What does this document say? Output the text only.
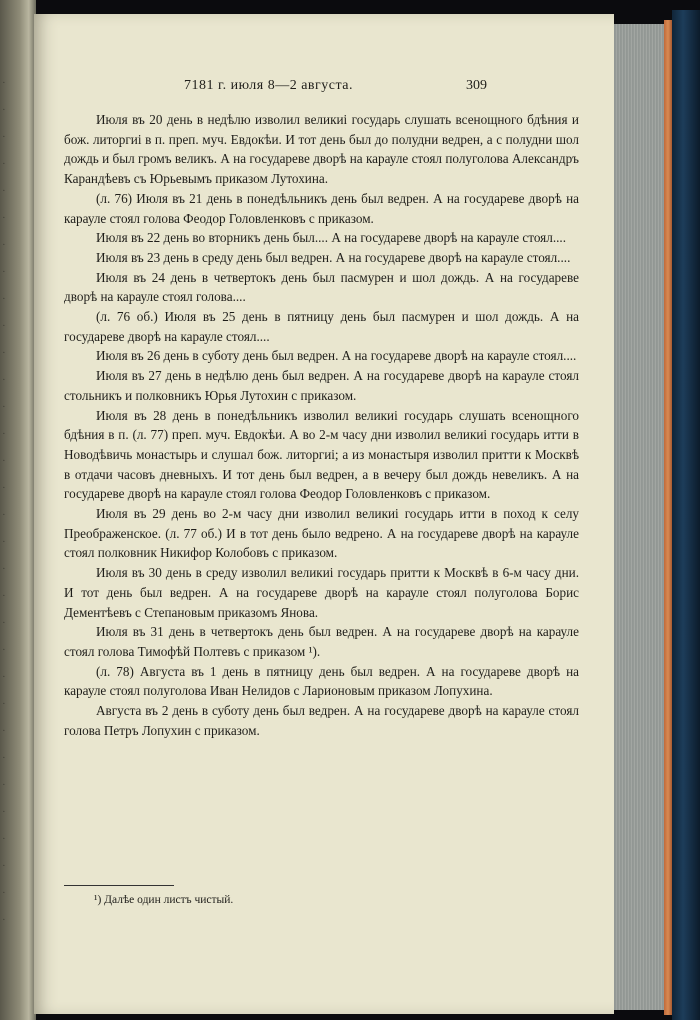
·
·
·
·
·
·
·
·
·
·
·
·
·
·
·
·
·
·
·
·
·
·
·
·
·
·
·
·
·
·
·
·
7181 г. июля 8—2 августа.	309

Июля въ 20 день в недѣлю изволил великиі государь слушать всенощного бдѣния и бож. литоргиі в п. преп. муч. Евдокѣи. И тот день был до полудни ведрен, а с полудни шол дождь и был громъ великъ. А на государеве дворѣ на карауле стоял полуголова Александръ Карандѣевъ съ Юрьевымъ приказом Лутохина.

(л. 76) Июля въ 21 день в понедѣльникъ день был ведрен. А на государеве дворѣ на карауле стоял голова Феодор Головленковъ с приказом.

Июля въ 22 день во вторникъ день был.... А на государеве дворѣ на карауле стоял....

Июля въ 23 день в среду день был ведрен. А на государеве дворѣ на карауле стоял....

Июля въ 24 день в четвертокъ день был пасмурен и шол дождь. А на государеве дворѣ на карауле стоял голова....

(л. 76 об.) Июля въ 25 день в пятницу день был пасмурен и шол дождь. А на государеве дворѣ на карауле стоял....

Июля въ 26 день в суботу день был ведрен. А на государеве дворѣ на карауле стоял....

Июля въ 27 день в недѣлю день был ведрен. А на государеве дворѣ на карауле стоял стольникъ и полковникъ Юрья Лутохин с приказом.

Июля въ 28 день в понедѣльникъ изволил великиі государь слушать всенощного бдѣния в п. (л. 77) преп. муч. Евдокѣи. А во 2-м часу дни изволил великиі государь итти в Новодѣвичь монастырь и слушал бож. литоргиі; а из монастыря изволил притти к Москвѣ в отдачи часовъ дневныхъ. И тот день был ведрен, а в вечеру был дождь невеликъ. А на государеве дворѣ на карауле стоял голова Феодор Головленковъ с приказом.

Июля въ 29 день во 2-м часу дни изволил великиі государь итти в поход к селу Преображенское. (л. 77 об.) И в тот день было ведрено. А на государеве дворѣ на карауле стоял полковник Никифор Колобовъ с приказом.

Июля въ 30 день в среду изволил великиі государь притти к Москвѣ в 6-м часу дни. И тот день был ведрен. А на государеве дворѣ на карауле стоял полуголова Борис Дементѣевъ с Степановым приказомъ Янова.

Июля въ 31 день в четвертокъ день был ведрен. А на государеве дворѣ на карауле стоял голова Тимофѣй Полтевъ с приказом ¹).

(л. 78) Августа въ 1 день в пятницу день был ведрен. А на государеве дворѣ на карауле стоял полуголова Иван Нелидов с Ларионовым приказом Лопухина.

Августа въ 2 день в суботу день был ведрен. А на государеве дворѣ на карауле стоял голова Петръ Лопухин с приказом.

¹) Далѣе один листъ чистый.
